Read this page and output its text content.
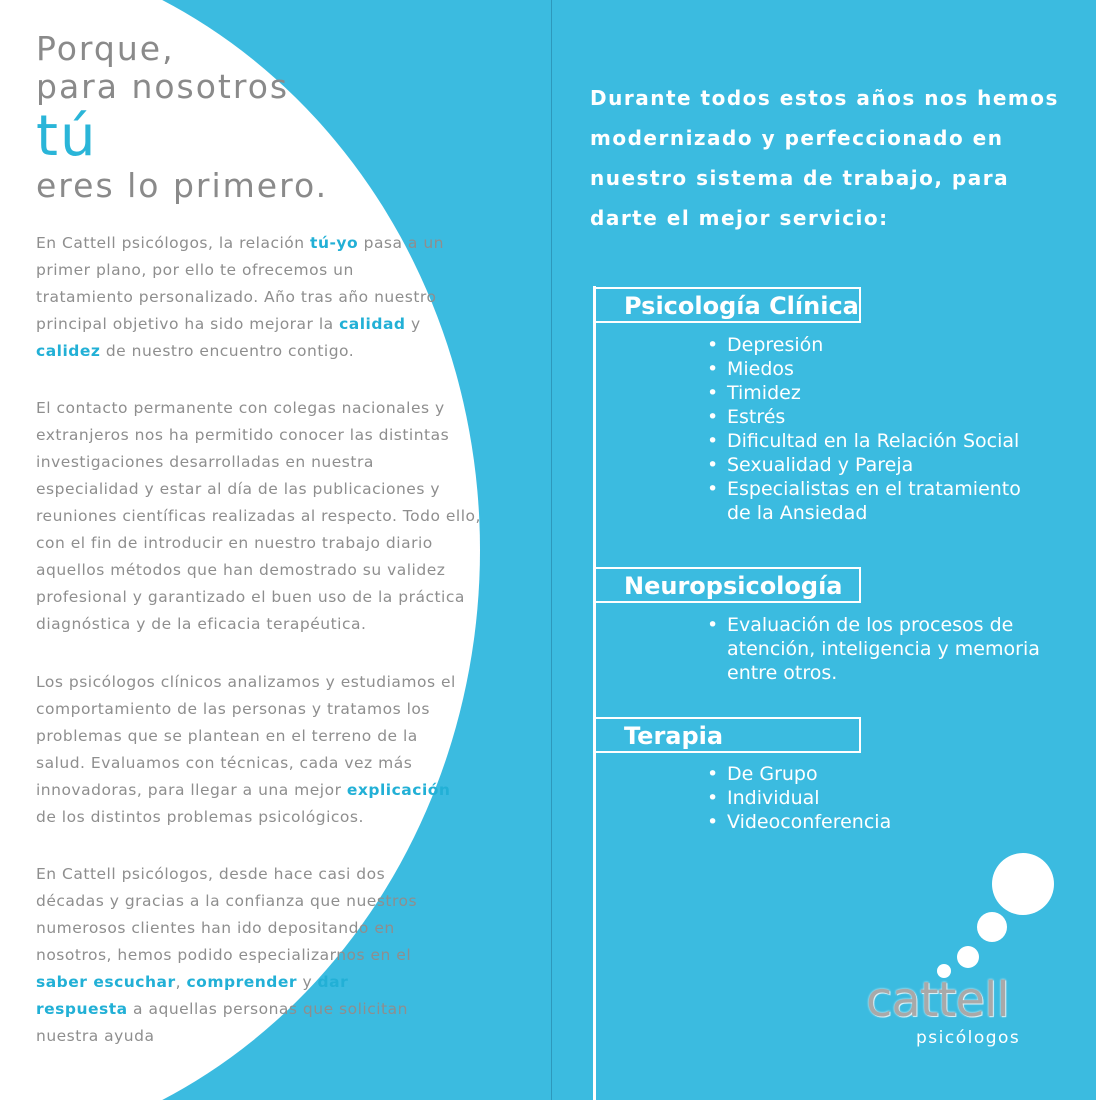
Porque,
para nosotros
tú
eres lo primero.

En Cattell psicólogos, la relación tú-yo pasa a un primer plano, por ello te ofrecemos un tratamiento personalizado. Año tras año nuestro principal objetivo ha sido mejorar la calidad y calidez de nuestro encuentro contigo.

El contacto permanente con colegas nacionales y extranjeros nos ha permitido conocer las distintas investigaciones desarrolladas en nuestra especialidad y estar al día de las publicaciones y reuniones científicas realizadas al respecto. Todo ello, con el fin de introducir en nuestro trabajo diario aquellos métodos que han demostrado su validez profesional y garantizado el buen uso de la práctica diagnóstica y de la eficacia terapéutica.

Los psicólogos clínicos analizamos y estudiamos el comportamiento de las personas y tratamos los problemas que se plantean en el terreno de la salud. Evaluamos con técnicas, cada vez más innovadoras, para llegar a una mejor explicación de los distintos problemas psicológicos.

En Cattell psicólogos, desde hace casi dos décadas y gracias a la confianza que nuestros numerosos clientes han ido depositando en nosotros, hemos podido especializarnos en el saber escuchar, comprender y dar respuesta a aquellas personas que solicitan nuestra ayuda

Durante todos estos años nos hemos modernizado y perfeccionado en nuestro sistema de trabajo, para darte el mejor servicio:

Psicología Clínica
• Depresión
• Miedos
• Timidez
• Estrés
• Dificultad en la Relación Social
• Sexualidad y Pareja
• Especialistas en el tratamiento
de la Ansiedad
Neuropsicología
• Evaluación de los procesos de
atención, inteligencia y memoria
entre otros.
Terapia
• De Grupo
• Individual
• Videoconferencia

cattell

psicólogos
